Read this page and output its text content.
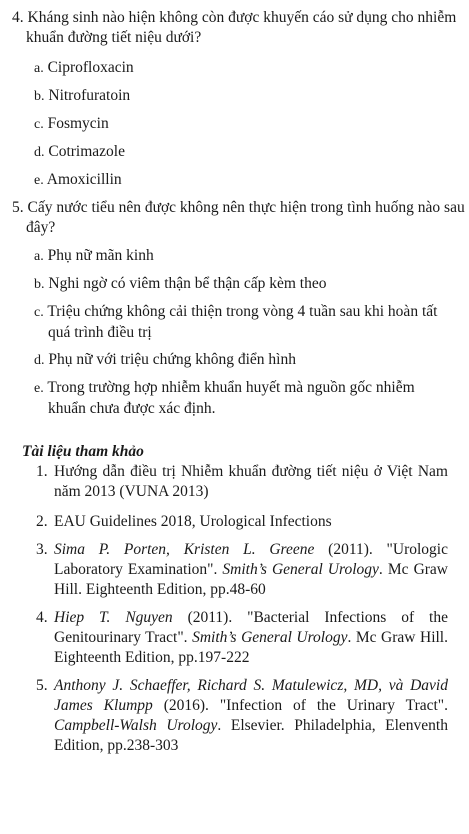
4. Kháng sinh nào hiện không còn được khuyến cáo sử dụng cho nhiễm khuẩn đường tiết niệu dưới?
a. Ciprofloxacin
b. Nitrofuratoin
c. Fosmycin
d. Cotrimazole
e. Amoxicillin
5. Cấy nước tiểu nên được không nên thực hiện trong tình huống nào sau đây?
a. Phụ nữ mãn kinh
b. Nghi ngờ có viêm thận bể thận cấp kèm theo
c. Triệu chứng không cải thiện trong vòng 4 tuần sau khi hoàn tất quá trình điều trị
d. Phụ nữ với triệu chứng không điển hình
e. Trong trường hợp nhiễm khuẩn huyết mà nguồn gốc nhiễm khuẩn chưa được xác định.
Tài liệu tham khảo
1. Hướng dẫn điều trị Nhiễm khuẩn đường tiết niệu ở Việt Nam năm 2013 (VUNA 2013)
2. EAU Guidelines 2018, Urological Infections
3. Sima P. Porten, Kristen L. Greene (2011). "Urologic Laboratory Examination". Smith’s General Urology. Mc Graw Hill. Eighteenth Edition, pp.48-60
4. Hiep T. Nguyen (2011). "Bacterial Infections of the Genitourinary Tract". Smith’s General Urology. Mc Graw Hill. Eighteenth Edition, pp.197-222
5. Anthony J. Schaeffer, Richard S. Matulewicz, MD, và David James Klumpp (2016). "Infection of the Urinary Tract". Campbell-Walsh Urology. Elsevier. Philadelphia, Elenventh Edition, pp.238-303
